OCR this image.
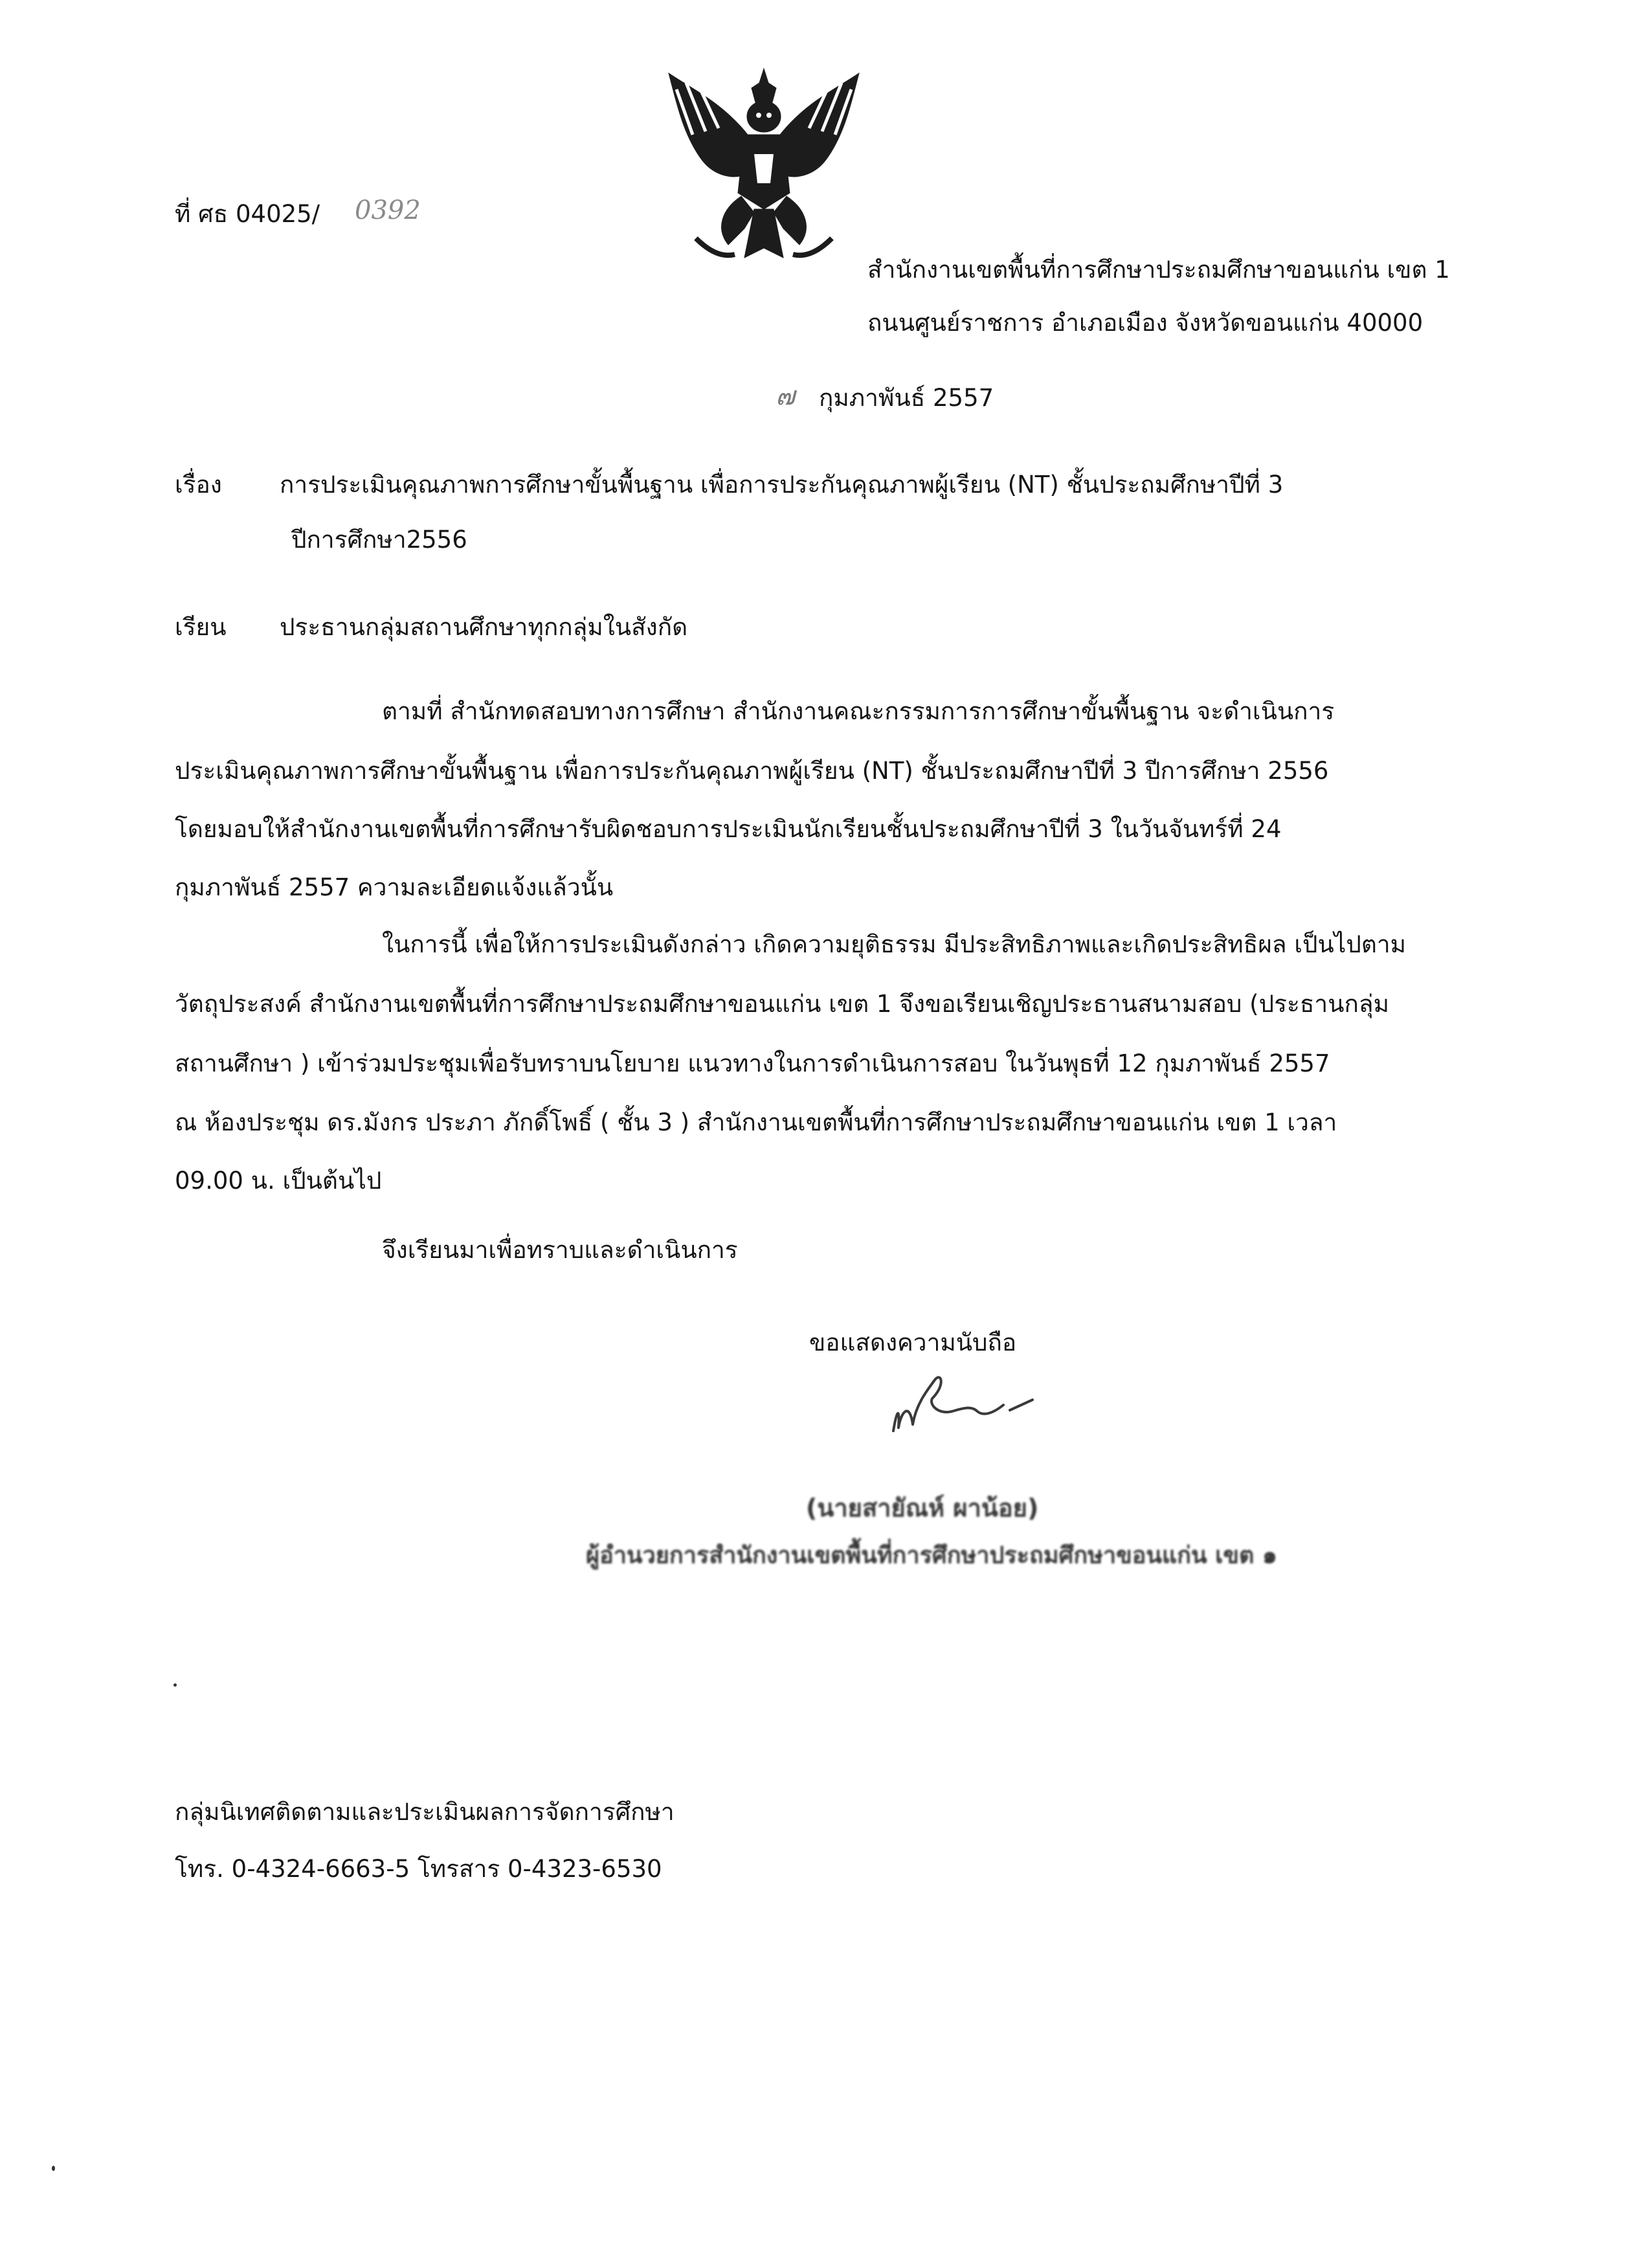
ที่ ศธ 04025/ 0392
สำนักงานเขตพื้นที่การศึกษาประถมศึกษาขอนแก่น เขต 1
ถนนศูนย์ราชการ อำเภอเมือง จังหวัดขอนแก่น 40000
๗ กุมภาพันธ์ 2557
เรื่อง การประเมินคุณภาพการศึกษาขั้นพื้นฐาน เพื่อการประกันคุณภาพผู้เรียน (NT) ชั้นประถมศึกษาปีที่ 3
ปีการศึกษา2556
เรียน ประธานกลุ่มสถานศึกษาทุกกลุ่มในสังกัด
ตามที่ สำนักทดสอบทางการศึกษา สำนักงานคณะกรรมการการศึกษาขั้นพื้นฐาน จะดำเนินการ
ประเมินคุณภาพการศึกษาขั้นพื้นฐาน เพื่อการประกันคุณภาพผู้เรียน (NT) ชั้นประถมศึกษาปีที่ 3 ปีการศึกษา 2556
โดยมอบให้สำนักงานเขตพื้นที่การศึกษารับผิดชอบการประเมินนักเรียนชั้นประถมศึกษาปีที่ 3 ในวันจันทร์ที่ 24
กุมภาพันธ์ 2557 ความละเอียดแจ้งแล้วนั้น
ในการนี้ เพื่อให้การประเมินดังกล่าว เกิดความยุติธรรม มีประสิทธิภาพและเกิดประสิทธิผล เป็นไปตาม
วัตถุประสงค์ สำนักงานเขตพื้นที่การศึกษาประถมศึกษาขอนแก่น เขต 1 จึงขอเรียนเชิญประธานสนามสอบ (ประธานกลุ่ม
สถานศึกษา ) เข้าร่วมประชุมเพื่อรับทราบนโยบาย แนวทางในการดำเนินการสอบ ในวันพุธที่ 12 กุมภาพันธ์ 2557
ณ ห้องประชุม ดร.มังกร ประภา ภักดิ์โพธิ์ ( ชั้น 3 ) สำนักงานเขตพื้นที่การศึกษาประถมศึกษาขอนแก่น เขต 1 เวลา
09.00 น. เป็นต้นไป
จึงเรียนมาเพื่อทราบและดำเนินการ
ขอแสดงความนับถือ
(นายสายัณห์ ผาน้อย)
ผู้อำนวยการสำนักงานเขตพื้นที่การศึกษาประถมศึกษาขอนแก่น เขต ๑
กลุ่มนิเทศติดตามและประเมินผลการจัดการศึกษา
โทร. 0-4324-6663-5 โทรสาร 0-4323-6530
